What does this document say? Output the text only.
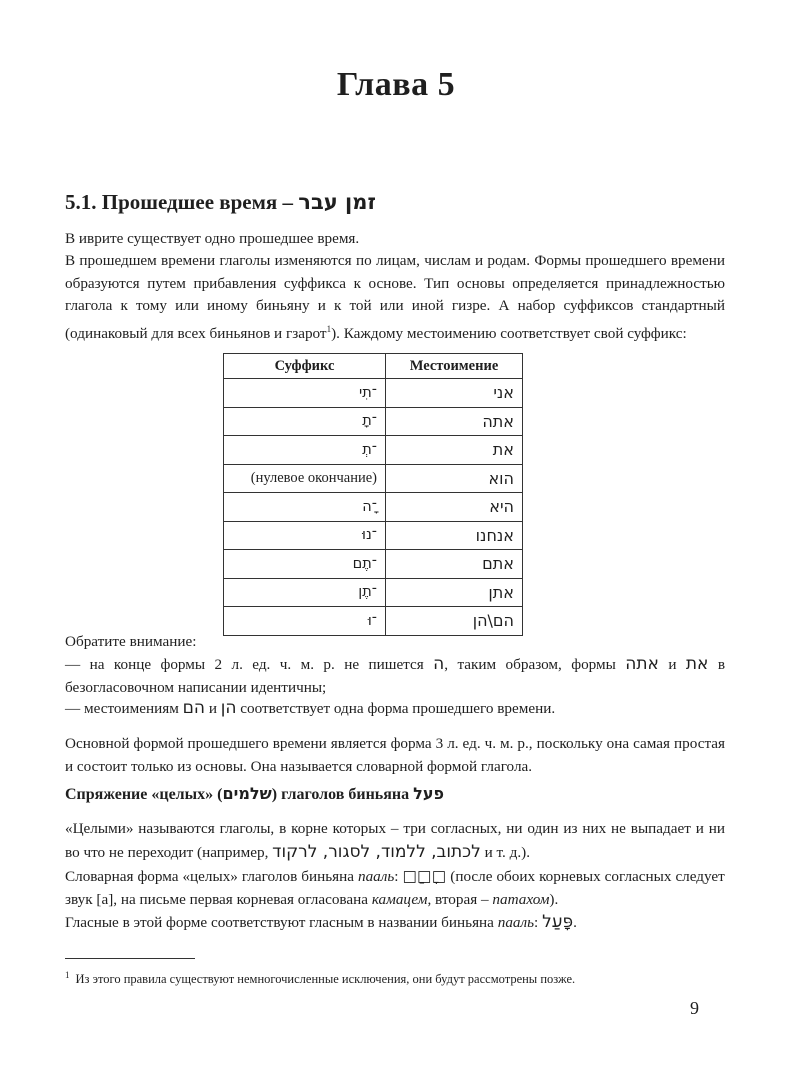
Глава 5
5.1. Прошедшее время – זמן עבר
В иврите существует одно прошедшее время.
В прошедшем времени глаголы изменяются по лицам, числам и родам. Формы прошедшего времени образуются путем прибавления суффикса к основе. Тип основы определяется принадлежностью глагола к тому или иному биньяну и к той или иной гизре. А набор суффиксов стандартный (одинаковый для всех биньянов и гзарот$^1$). Каждому местоимению соответствует свой суффикс:
Суффикс	Местоимение
־תִי	אני
־תָ	אתה
־תְ	את
(нулевое окончание)	הוא
־ָה	היא
־נוּ	אנחנו
־תֶם	אתם
־תֶן	אתן
־וּ	הם\הן
Обратите внимание:
— на конце формы 2 л. ед. ч. м. р. не пишется ה, таким образом, формы אתה и את в безогласовочном написании идентичны;
— местоимениям הם и הן соответствует одна форма прошедшего времени.
Основной формой прошедшего времени является форма 3 л. ед. ч. м. р., поскольку она самая простая и состоит только из основы. Она называется словарной формой глагола.
Спряжение «целых» (שלמים) глаголов биньяна פעל
«Целыми» называются глаголы, в корне которых – три согласных, ни один из них не выпадает и ни во что не переходит (например, לכתוב, ללמוד, לסגור, לרקוד и т. д.).
Словарная форма «целых» глаголов биньяна пааль: □ָ□ַ□ (после обоих корневых согласных следует звук [а], на письме первая корневая огласована камацем, вторая – патахом).
Гласные в этой форме соответствуют гласным в названии биньяна пааль: פָּעַל.
$^1$ Из этого правила существуют немногочисленные исключения, они будут рассмотрены позже.
9
